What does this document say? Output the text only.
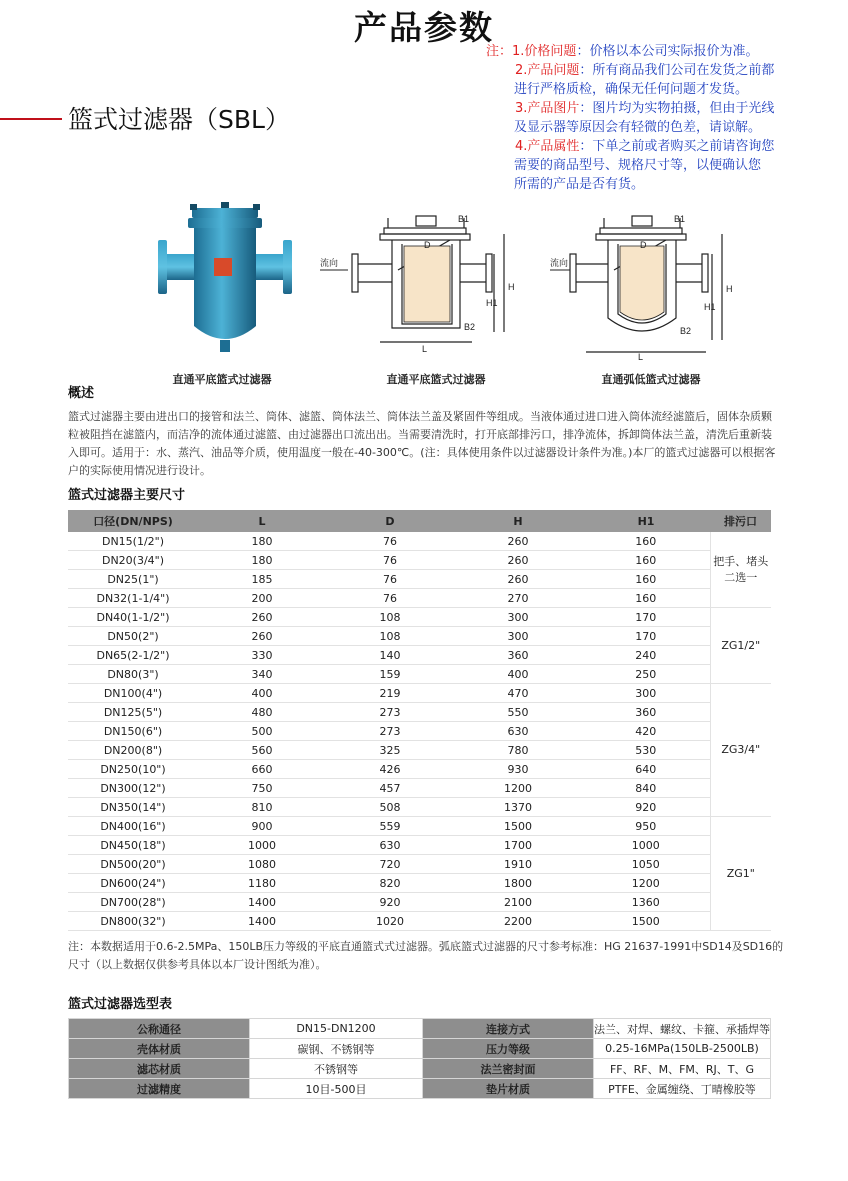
产品参数
注：1.价格问题：价格以本公司实际报价为准。
2.产品问题：所有商品我们公司在发货之前都
进行严格质检，确保无任何问题才发货。
3.产品图片：图片均为实物拍摄，但由于光线
及显示器等原因会有轻微的色差，请谅解。
4.产品属性：下单之前或者购买之前请咨询您
需要的商品型号、规格尺寸等，以便确认您
所需的产品是否有货。
篮式过滤器（SBL）
B1
D
B2
H1
H
L
流向
B1
D
B2
H1
H
L
流向
直通平底篮式过滤器	直通平底篮式过滤器	直通弧低篮式过滤器
概述
篮式过滤器主要由进出口的接管和法兰、筒体、滤篮、筒体法兰、筒体法兰盖及紧固件等组成。当液体通过进口进入筒体流经滤篮后，固体杂质颗粒被阻挡在滤篮内，而洁净的流体通过滤篮、由过滤器出口流出出。当需要清洗时，打开底部排污口，排净流体，拆卸筒体法兰盖，清洗后重新装入即可。适用于：水、蒸汽、油品等介质，使用温度一般在-40-300℃。(注：具体使用条件以过滤器设计条件为准。)本厂的篮式过滤器可以根据客户的实际使用情况进行设计。
篮式过滤器主要尺寸
口径(DN/NPS)	L	D	H	H1	排污口
DN15(1/2")	180	76	260	160	把手、堵头
二选一

DN20(3/4")	180	76	260	160	
DN25(1")	185	76	260	160	
DN32(1-1/4")	200	76	270	160	
DN40(1-1/2")	260	108	300	170	ZG1/2"

DN50(2")	260	108	300	170	
DN65(2-1/2")	330	140	360	240	
DN80(3")	340	159	400	250	
DN100(4")	400	219	470	300	ZG3/4"

DN125(5")	480	273	550	360	
DN150(6")	500	273	630	420	
DN200(8")	560	325	780	530	
DN250(10")	660	426	930	640	
DN300(12")	750	457	1200	840	
DN350(14")	810	508	1370	920	
DN400(16")	900	559	1500	950	ZG1"

DN450(18")	1000	630	1700	1000	
DN500(20")	1080	720	1910	1050	
DN600(24")	1180	820	1800	1200	
DN700(28")	1400	920	2100	1360	
DN800(32")	1400	1020	2200	1500	
注：本数据适用于0.6-2.5MPa、150LB压力等级的平底直通篮式式过滤器。弧底篮式过滤器的尺寸参考标准：HG 21637-1991中SD14及SD16的尺寸（以上数据仅供参考具体以本厂设计图纸为准）。
篮式过滤器选型表
公称通径	DN15-DN1200	连接方式	法兰、对焊、螺纹、卡箍、承插焊等
壳体材质	碳钢、不锈钢等	压力等级	0.25-16MPa(150LB-2500LB)
滤芯材质	不锈钢等	法兰密封面	FF、RF、M、FM、RJ、T、G
过滤精度	10目-500目	垫片材质	PTFE、金属缠绕、丁晴橡胶等
